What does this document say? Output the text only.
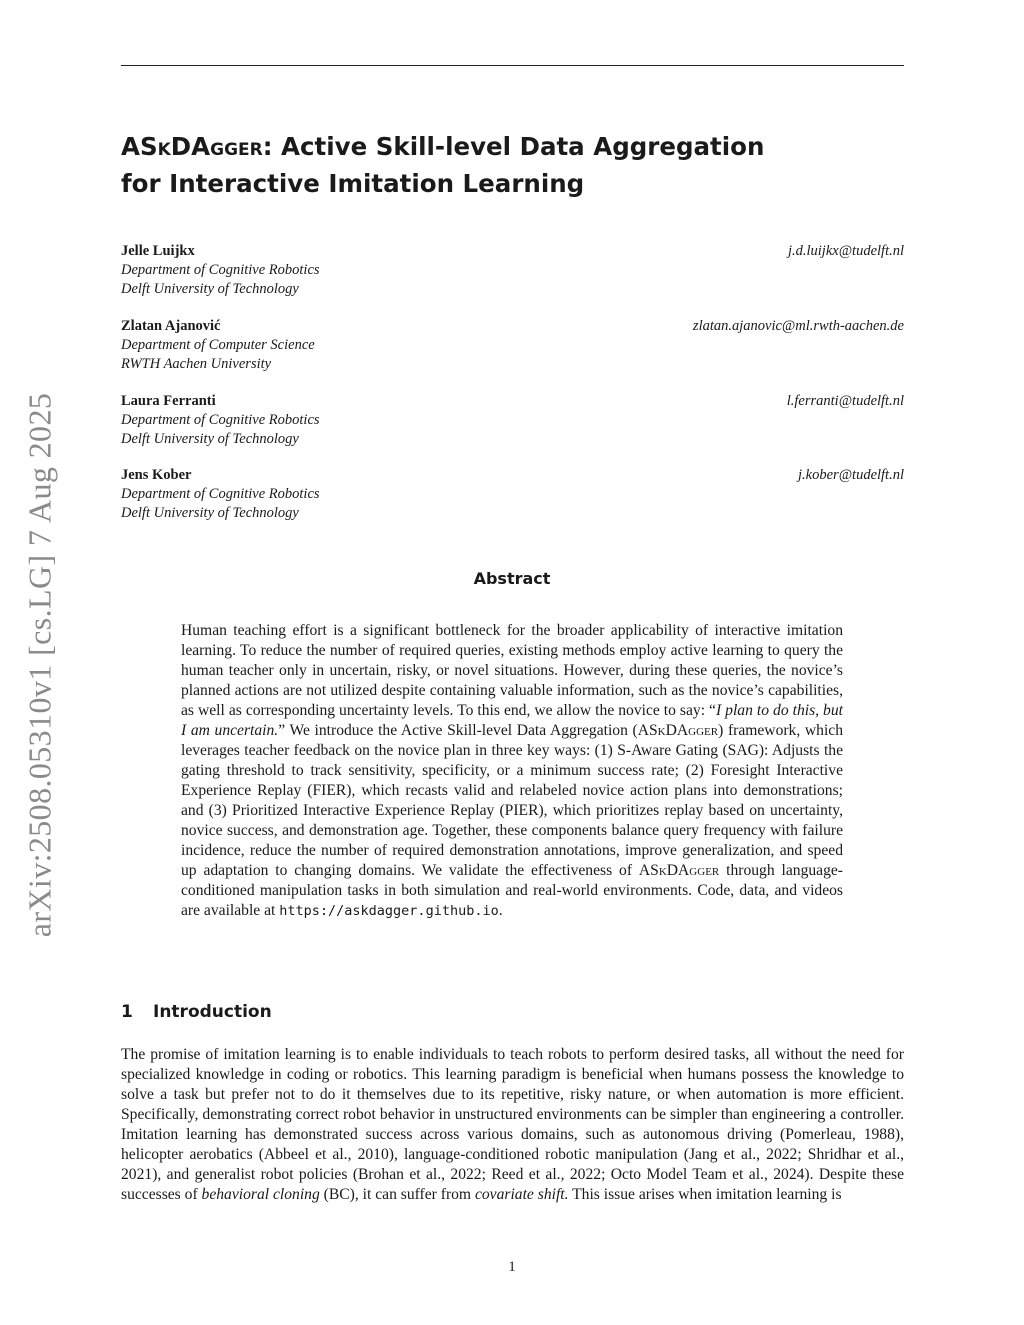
arXiv:2508.05310v1 [cs.LG] 7 Aug 2025
ASkDAgger: Active Skill-level Data Aggregation
for Interactive Imitation Learning
Jelle Luijkx
Department of Cognitive Robotics
Delft University of Technology
j.d.luijkx@tudelft.nl
Zlatan Ajanović
Department of Computer Science
RWTH Aachen University
zlatan.ajanovic@ml.rwth-aachen.de
Laura Ferranti
Department of Cognitive Robotics
Delft University of Technology
l.ferranti@tudelft.nl
Jens Kober
Department of Cognitive Robotics
Delft University of Technology
j.kober@tudelft.nl
Abstract

Human teaching effort is a significant bottleneck for the broader applicability of interactive imitation learning. To reduce the number of required queries, existing methods employ active learning to query the human teacher only in uncertain, risky, or novel situations. However, during these queries, the novice’s planned actions are not utilized despite containing valuable information, such as the novice’s capabilities, as well as corresponding uncertainty levels. To this end, we allow the novice to say: “I plan to do this, but I am uncertain.” We introduce the Active Skill-level Data Aggregation (ASkDAgger) framework, which leverages teacher feedback on the novice plan in three key ways: (1) S-Aware Gating (SAG): Adjusts the gating threshold to track sensitivity, specificity, or a minimum success rate; (2) Foresight Interactive Experience Replay (FIER), which recasts valid and relabeled novice action plans into demonstrations; and (3) Prioritized Interactive Experience Replay (PIER), which prioritizes replay based on uncertainty, novice success, and demonstration age. Together, these components balance query frequency with failure incidence, reduce the number of required demonstration annotations, improve generalization, and speed up adaptation to changing domains. We validate the effectiveness of ASkDAgger through language-conditioned manipulation tasks in both simulation and real-world environments. Code, data, and videos are available at https://askdagger.github.io.

1 Introduction

The promise of imitation learning is to enable individuals to teach robots to perform desired tasks, all without the need for specialized knowledge in coding or robotics. This learning paradigm is beneficial when humans possess the knowledge to solve a task but prefer not to do it themselves due to its repetitive, risky nature, or when automation is more efficient. Specifically, demonstrating correct robot behavior in unstructured environments can be simpler than engineering a controller. Imitation learning has demonstrated success across various domains, such as autonomous driving (Pomerleau, 1988), helicopter aerobatics (Abbeel et al., 2010), language-conditioned robotic manipulation (Jang et al., 2022; Shridhar et al., 2021), and generalist robot policies (Brohan et al., 2022; Reed et al., 2022; Octo Model Team et al., 2024). Despite these successes of behavioral cloning (BC), it can suffer from covariate shift. This issue arises when imitation learning is

1
